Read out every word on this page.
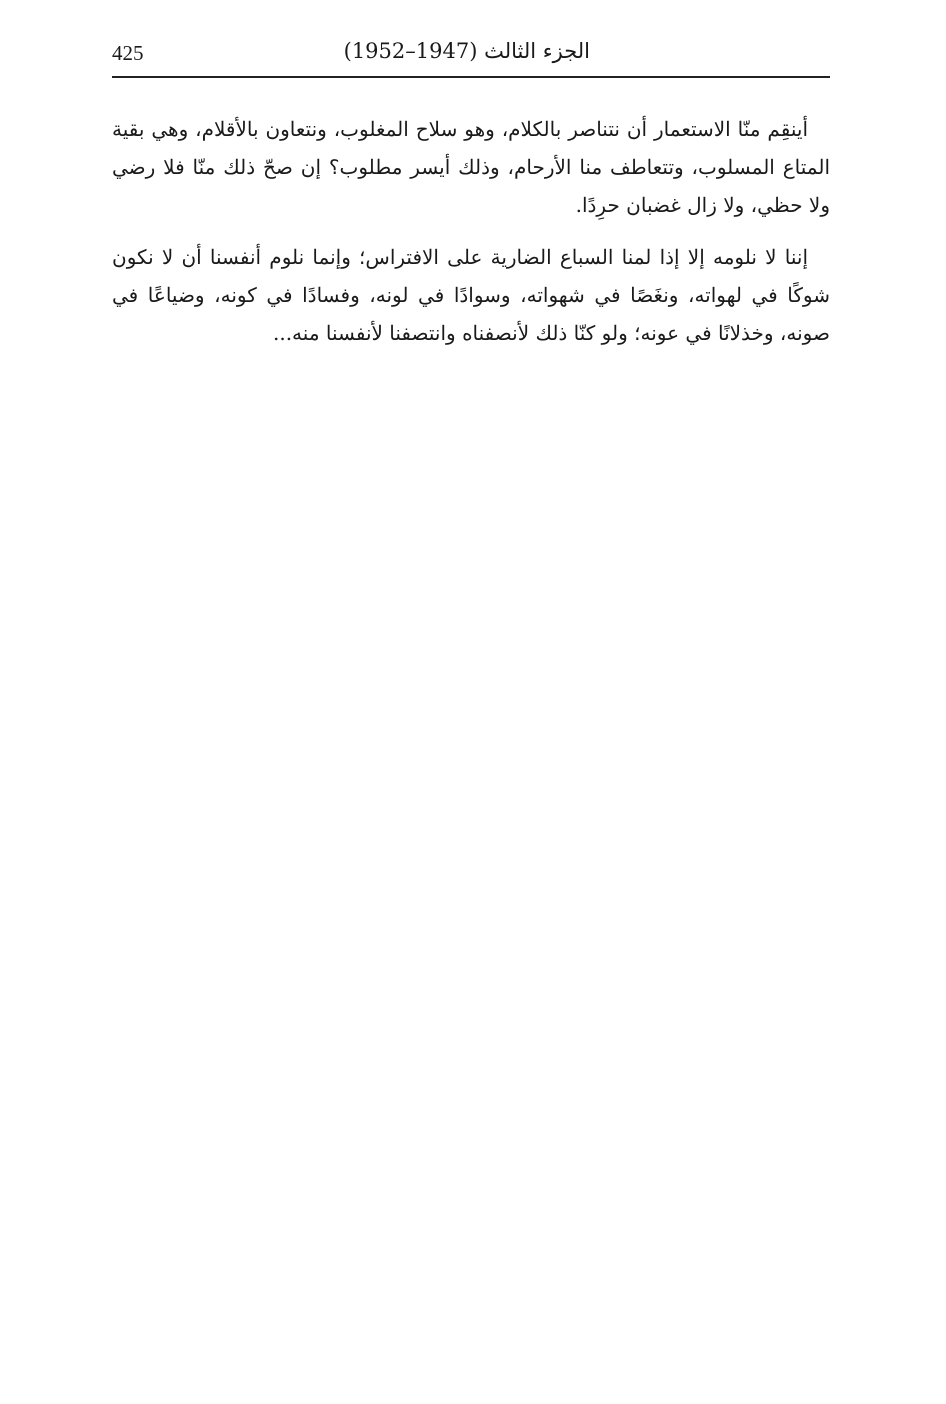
425	الجزء الثالث (1947–1952)

أينقِم منّا الاستعمار أن نتناصر بالكلام، وهو سلاح المغلوب، ونتعاون بالأقلام، وهي بقية المتاع المسلوب، وتتعاطف منا الأرحام، وذلك أيسر مطلوب؟ إن صحّ ذلك منّا فلا رضي ولا حظي، ولا زال غضبان حرِدًا.

إننا لا نلومه إلا إذا لمنا السباع الضارية على الافتراس؛ وإنما نلوم أنفسنا أن لا نكون شوكًا في لهواته، ونغَصًا في شهواته، وسوادًا في لونه، وفسادًا في كونه، وضياعًا في صونه، وخذلانًا في عونه؛ ولو كنّا ذلك لأنصفناه وانتصفنا لأنفسنا منه...
